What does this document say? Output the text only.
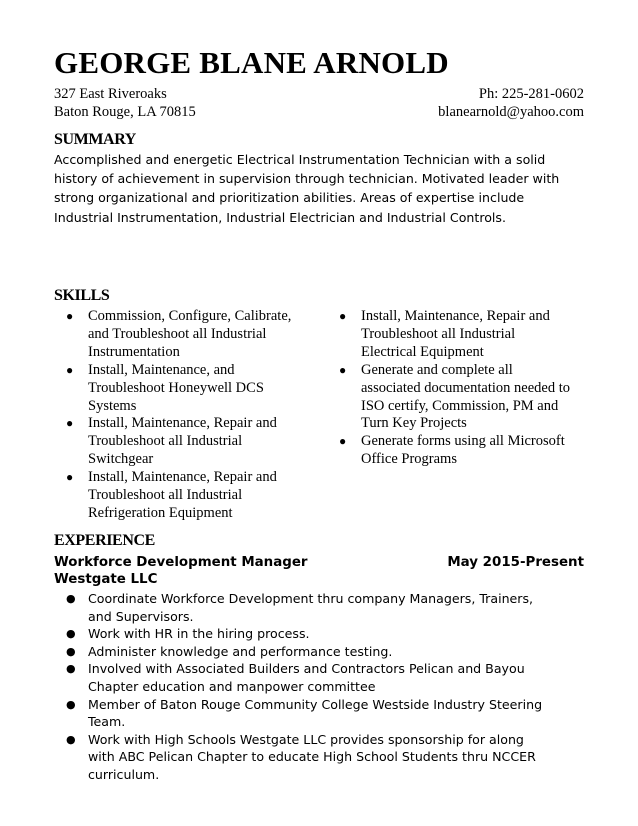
GEORGE BLANE ARNOLD
327 East Riveroaks	Ph: 225-281-0602
Baton Rouge, LA 70815	blanearnold@yahoo.com
SUMMARY
Accomplished and energetic Electrical Instrumentation Technician with a solid
history of achievement in supervision through technician. Motivated leader with
strong organizational and prioritization abilities. Areas of expertise include
Industrial Instrumentation, Industrial Electrician and Industrial Controls.
SKILLS
● Commission, Configure, Calibrate,
and Troubleshoot all Industrial
Instrumentation
● Install, Maintenance, and
Troubleshoot Honeywell DCS
Systems
● Install, Maintenance, Repair and
Troubleshoot all Industrial
Switchgear
● Install, Maintenance, Repair and
Troubleshoot all Industrial
Refrigeration Equipment
● Install, Maintenance, Repair and
Troubleshoot all Industrial
Electrical Equipment
● Generate and complete all
associated documentation needed to
ISO certify, Commission, PM and
Turn Key Projects
● Generate forms using all Microsoft
Office Programs
EXPERIENCE
Workforce Development Manager	May 2015-Present
Westgate LLC
● Coordinate Workforce Development thru company Managers, Trainers,
and Supervisors.
● Work with HR in the hiring process.
● Administer knowledge and performance testing.
● Involved with Associated Builders and Contractors Pelican and Bayou
Chapter education and manpower committee
● Member of Baton Rouge Community College Westside Industry Steering
Team.
● Work with High Schools Westgate LLC provides sponsorship for along
with ABC Pelican Chapter to educate High School Students thru NCCER
curriculum.
